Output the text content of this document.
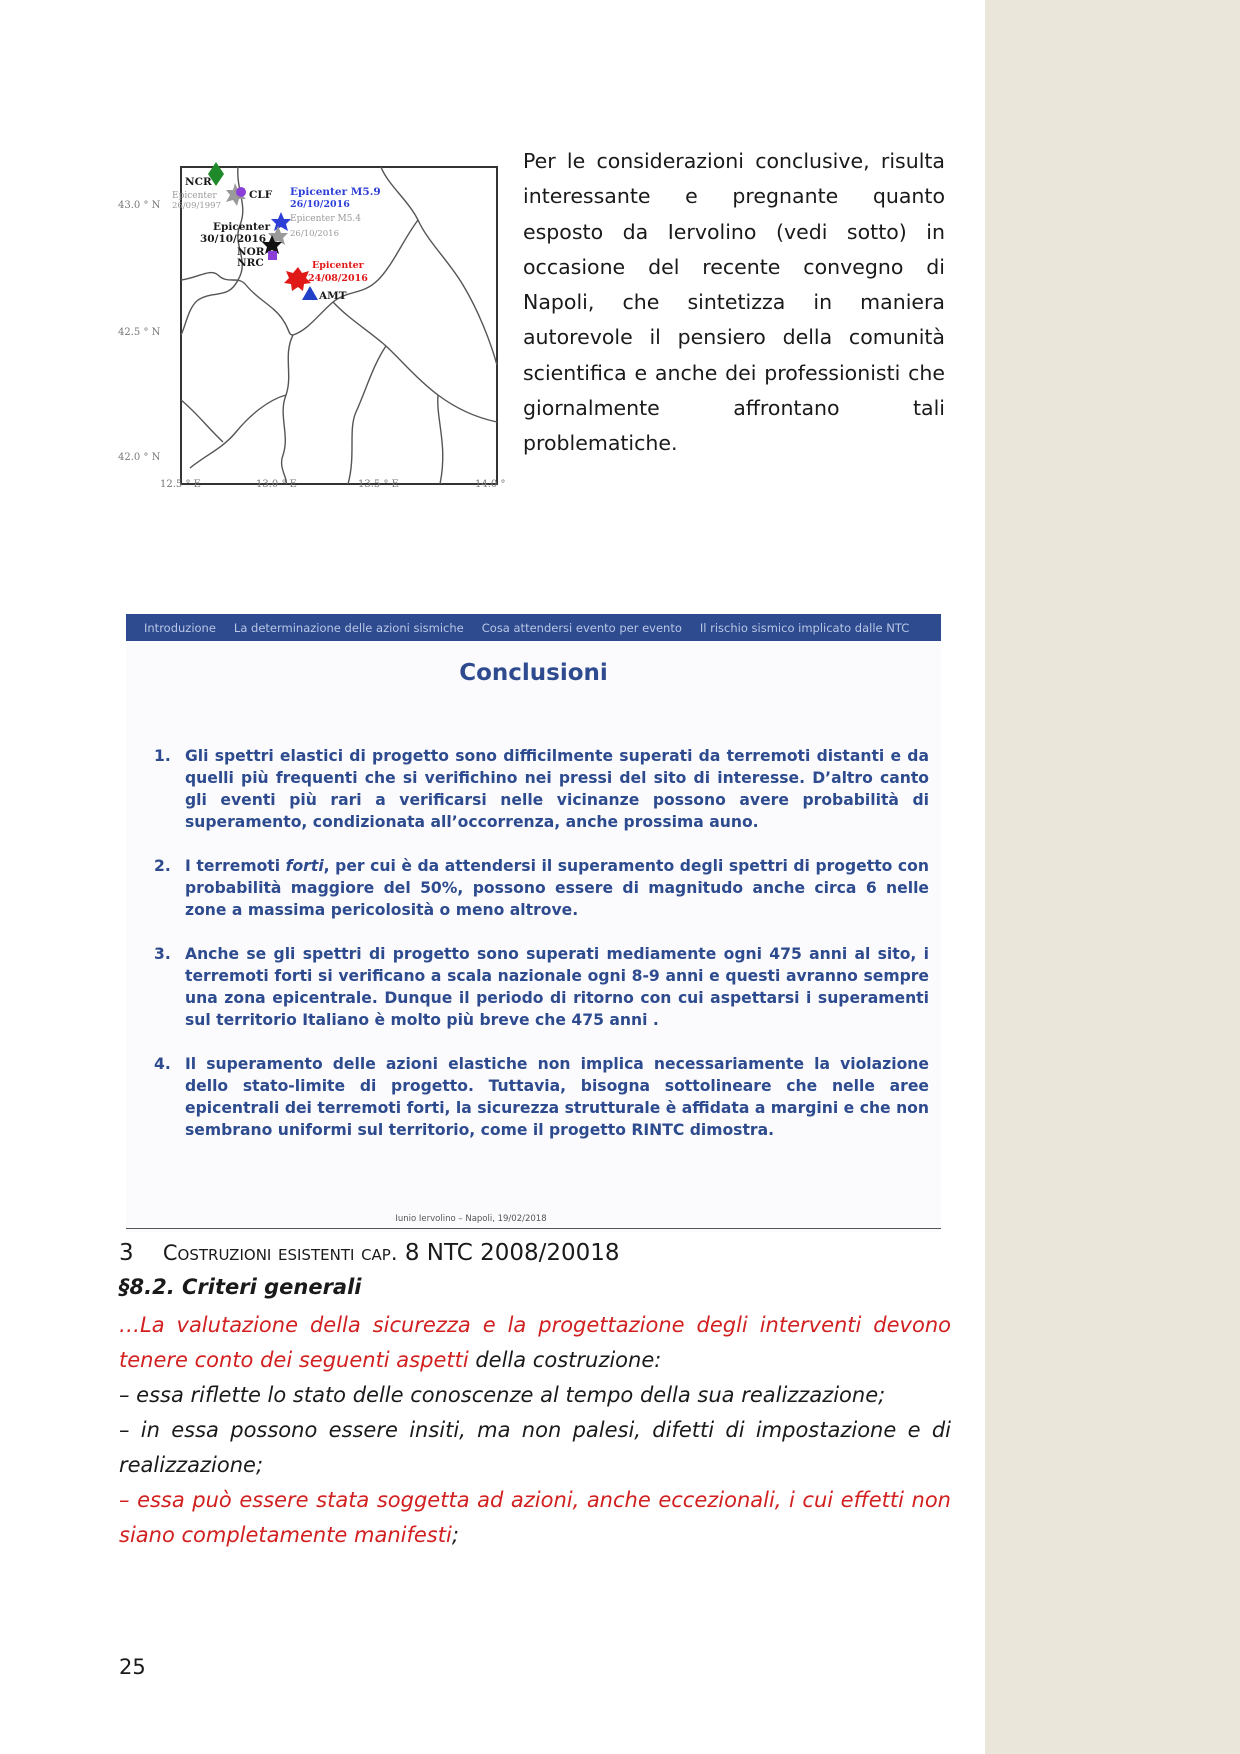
NCR
Epicenter
26/09/1997
CLF Epicenter M5.9
26/10/2016
Epicenter M5.4
26/10/2016
Epicenter
30/10/2016
NOR
NRC	Epicenter
24/08/2016
AMT
43.0 ° N
42.5 ° N
42.0 ° N
12.5 ° E	13.0 ° E	13.5 ° E	14.0 °
Per le considerazioni conclusive, risulta interessante e pregnante quanto esposto da Iervolino (vedi sotto) in occasione del recente convegno di Napoli, che sintetizza in maniera autorevole il pensiero della comunità scientifica e anche dei professionisti che giornalmente affrontano tali problematiche.
Introduzione La determinazione delle azioni sismiche Cosa attendersi evento per evento Il rischio sismico implicato dalle NTC
Conclusioni
1. Gli spettri elastici di progetto sono difficilmente superati da terremoti distanti e da quelli più frequenti che si verifichino nei pressi del sito di interesse. D’altro canto gli eventi più rari a verificarsi nelle vicinanze possono avere probabilità di superamento, condizionata all’occorrenza, anche prossima auno.
2. I terremoti forti, per cui è da attendersi il superamento degli spettri di progetto con probabilità maggiore del 50%, possono essere di magnitudo anche circa 6 nelle zone a massima pericolosità o meno altrove.
3. Anche se gli spettri di progetto sono superati mediamente ogni 475 anni al sito, i terremoti forti si verificano a scala nazionale ogni 8-9 anni e questi avranno sempre una zona epicentrale. Dunque il periodo di ritorno con cui aspettarsi i superamenti sul territorio Italiano è molto più breve che 475 anni .
4. Il superamento delle azioni elastiche non implica necessariamente la violazione dello stato-limite di progetto. Tuttavia, bisogna sottolineare che nelle aree epicentrali dei terremoti forti, la sicurezza strutturale è affidata a margini e che non sembrano uniformi sul territorio, come il progetto RINTC dimostra.
Iunio Iervolino – Napoli, 19/02/2018
3 Costruzioni esistenti cap. 8 NTC 2008/20018
§8.2. Criteri generali

…La valutazione della sicurezza e la progettazione degli interventi devono tenere conto dei seguenti aspetti della costruzione:

– essa riflette lo stato delle conoscenze al tempo della sua realizzazione;

– in essa possono essere insiti, ma non palesi, difetti di impostazione e di realizzazione;

– essa può essere stata soggetta ad azioni, anche eccezionali, i cui effetti non siano completamente manifesti;

25
